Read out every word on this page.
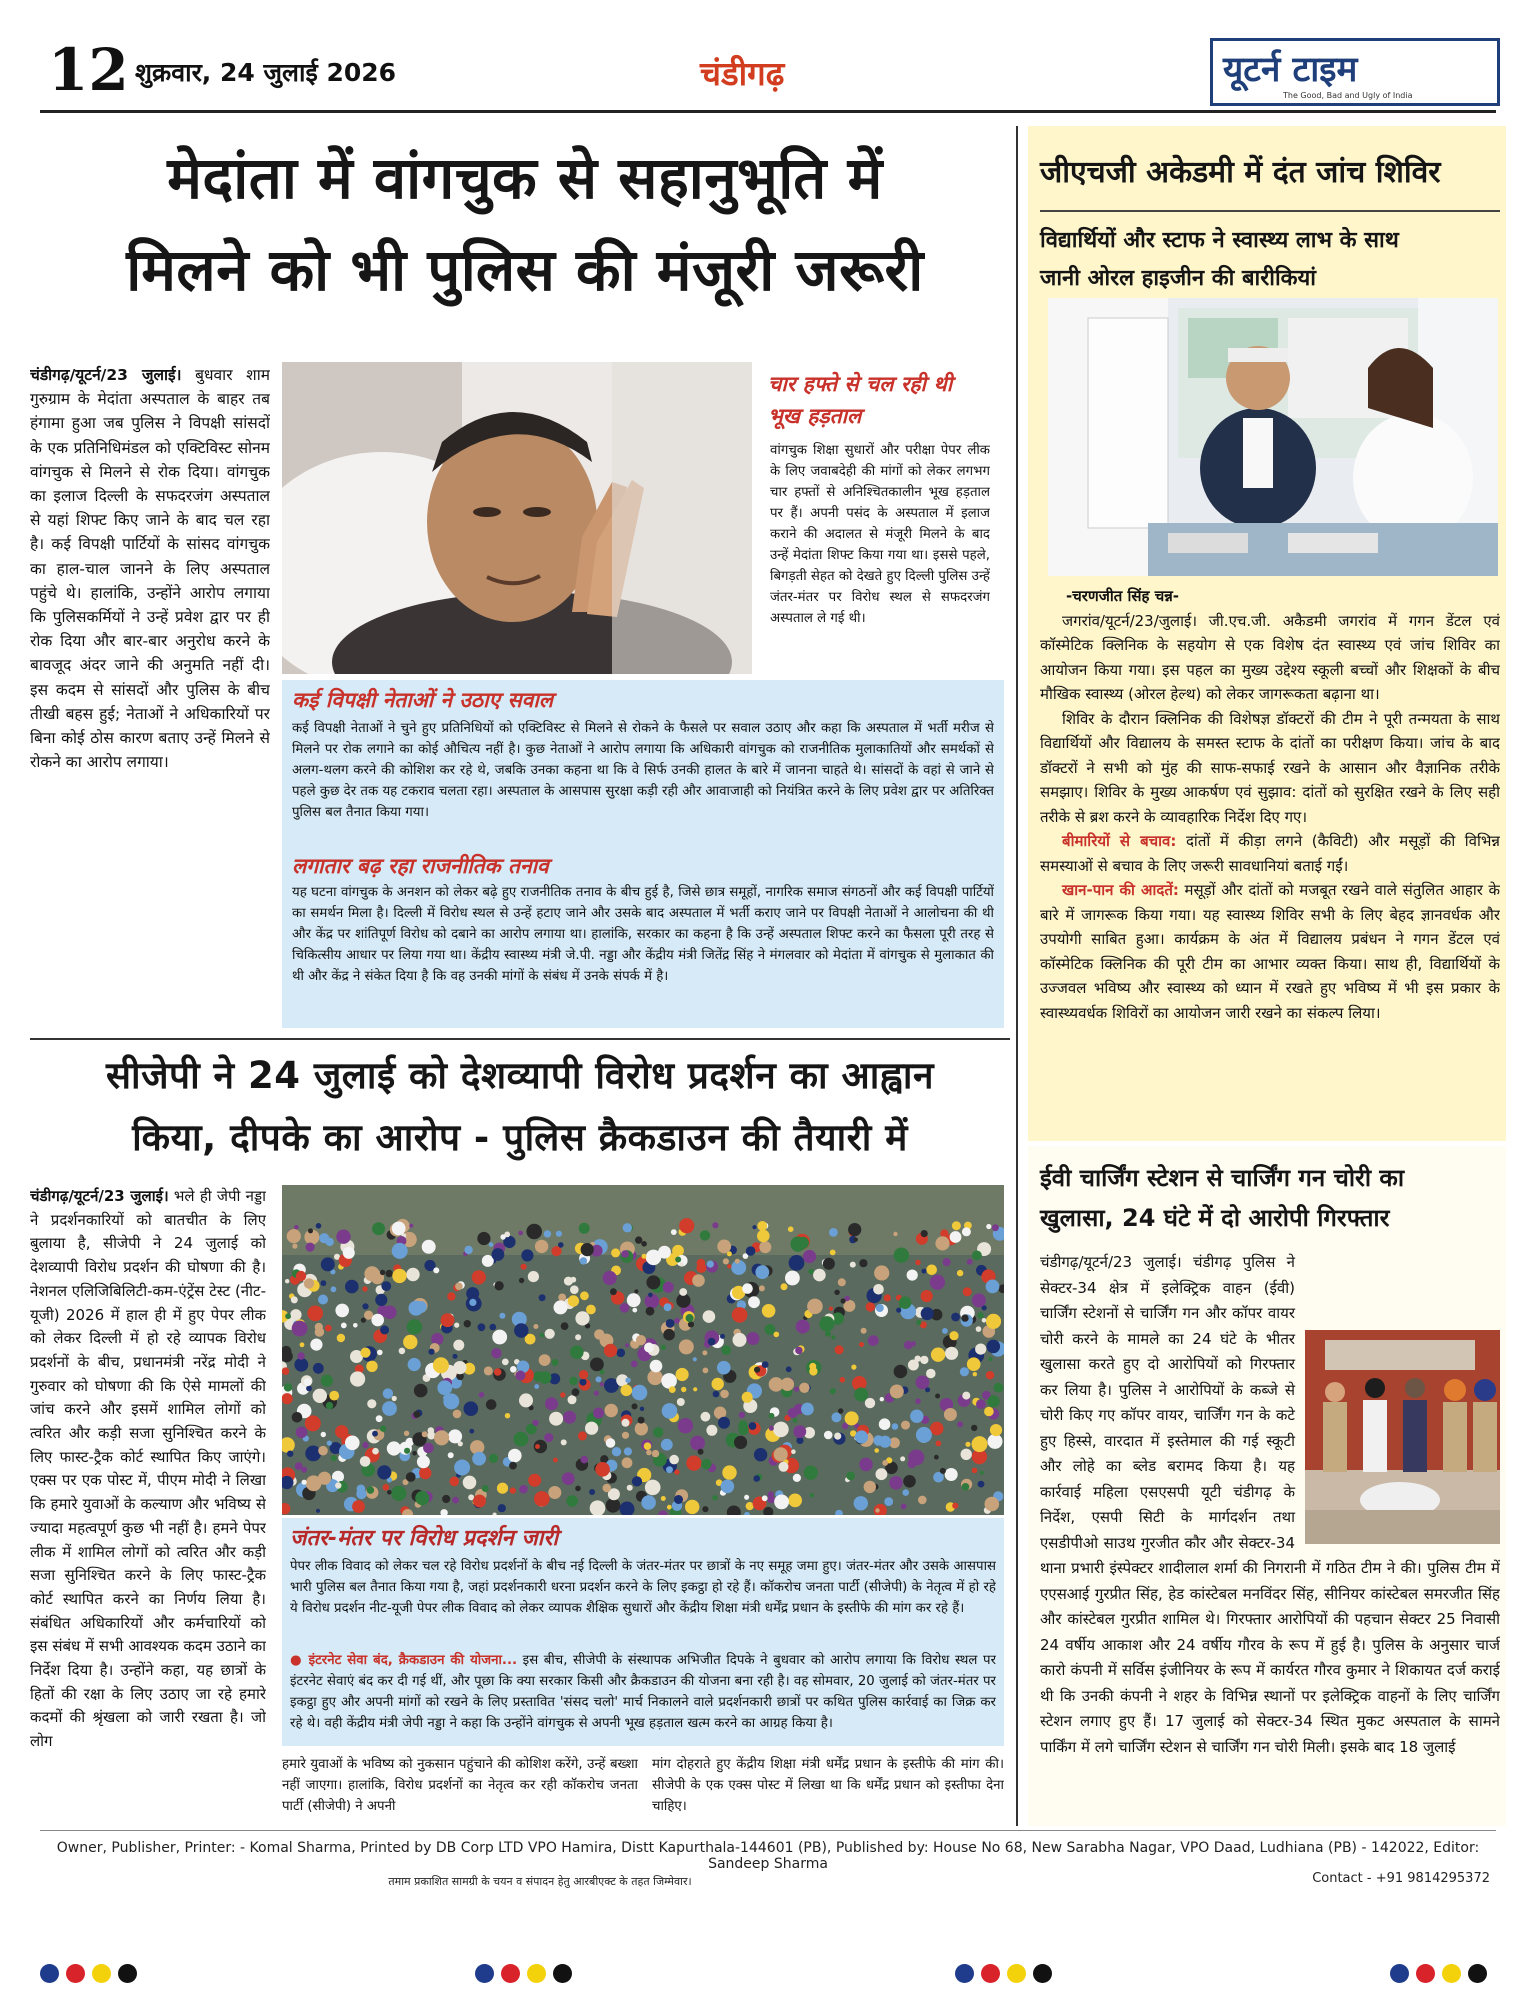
12 शुक्रवार, 24 जुलाई 2026	चंडीगढ़	यूटर्न टाइम
The Good, Bad and Ugly of India
मेदांता में वांगचुक से सहानुभूति में
मिलने को भी पुलिस की मंजूरी जरूरी
चंडीगढ़/यूटर्न/23 जुलाई। बुधवार शाम गुरुग्राम के मेदांता अस्पताल के बाहर तब हंगामा हुआ जब पुलिस ने विपक्षी सांसदों के एक प्रतिनिधिमंडल को एक्टिविस्ट सोनम वांगचुक से मिलने से रोक दिया। वांगचुक का इलाज दिल्ली के सफदरजंग अस्पताल से यहां शिफ्ट किए जाने के बाद चल रहा है। कई विपक्षी पार्टियों के सांसद वांगचुक का हाल-चाल जानने के लिए अस्पताल पहुंचे थे। हालांकि, उन्होंने आरोप लगाया कि पुलिसकर्मियों ने उन्हें प्रवेश द्वार पर ही रोक दिया और बार-बार अनुरोध करने के बावजूद अंदर जाने की अनुमति नहीं दी। इस कदम से सांसदों और पुलिस के बीच तीखी बहस हुई; नेताओं ने अधिकारियों पर बिना कोई ठोस कारण बताए उन्हें मिलने से रोकने का आरोप लगाया।
चार हफ्ते से चल रही थी भूख हड़ताल
वांगचुक शिक्षा सुधारों और परीक्षा पेपर लीक के लिए जवाबदेही की मांगों को लेकर लगभग चार हफ्तों से अनिश्चितकालीन भूख हड़ताल पर हैं। अपनी पसंद के अस्पताल में इलाज कराने की अदालत से मंजूरी मिलने के बाद उन्हें मेदांता शिफ्ट किया गया था। इससे पहले, बिगड़ती सेहत को देखते हुए दिल्ली पुलिस उन्हें जंतर-मंतर पर विरोध स्थल से सफदरजंग अस्पताल ले गई थी।
कई विपक्षी नेताओं ने उठाए सवाल
कई विपक्षी नेताओं ने चुने हुए प्रतिनिधियों को एक्टिविस्ट से मिलने से रोकने के फैसले पर सवाल उठाए और कहा कि अस्पताल में भर्ती मरीज से मिलने पर रोक लगाने का कोई औचित्य नहीं है। कुछ नेताओं ने आरोप लगाया कि अधिकारी वांगचुक को राजनीतिक मुलाकातियों और समर्थकों से अलग-थलग करने की कोशिश कर रहे थे, जबकि उनका कहना था कि वे सिर्फ उनकी हालत के बारे में जानना चाहते थे। सांसदों के वहां से जाने से पहले कुछ देर तक यह टकराव चलता रहा। अस्पताल के आसपास सुरक्षा कड़ी रही और आवाजाही को नियंत्रित करने के लिए प्रवेश द्वार पर अतिरिक्त पुलिस बल तैनात किया गया।
लगातार बढ़ रहा राजनीतिक तनाव
यह घटना वांगचुक के अनशन को लेकर बढ़े हुए राजनीतिक तनाव के बीच हुई है, जिसे छात्र समूहों, नागरिक समाज संगठनों और कई विपक्षी पार्टियों का समर्थन मिला है। दिल्ली में विरोध स्थल से उन्हें हटाए जाने और उसके बाद अस्पताल में भर्ती कराए जाने पर विपक्षी नेताओं ने आलोचना की थी और केंद्र पर शांतिपूर्ण विरोध को दबाने का आरोप लगाया था। हालांकि, सरकार का कहना है कि उन्हें अस्पताल शिफ्ट करने का फैसला पूरी तरह से चिकित्सीय आधार पर लिया गया था। केंद्रीय स्वास्थ्य मंत्री जे.पी. नड्डा और केंद्रीय मंत्री जितेंद्र सिंह ने मंगलवार को मेदांता में वांगचुक से मुलाकात की थी और केंद्र ने संकेत दिया है कि वह उनकी मांगों के संबंध में उनके संपर्क में है।
सीजेपी ने 24 जुलाई को देशव्यापी विरोध प्रदर्शन का आह्वान
किया, दीपके का आरोप - पुलिस क्रैकडाउन की तैयारी में
चंडीगढ़/यूटर्न/23 जुलाई। भले ही जेपी नड्डा ने प्रदर्शनकारियों को बातचीत के लिए बुलाया है, सीजेपी ने 24 जुलाई को देशव्यापी विरोध प्रदर्शन की घोषणा की है। नेशनल एलिजिबिलिटी-कम-एंट्रेंस टेस्ट (नीट-यूजी) 2026 में हाल ही में हुए पेपर लीक को लेकर दिल्ली में हो रहे व्यापक विरोध प्रदर्शनों के बीच, प्रधानमंत्री नरेंद्र मोदी ने गुरुवार को घोषणा की कि ऐसे मामलों की जांच करने और इसमें शामिल लोगों को त्वरित और कड़ी सजा सुनिश्चित करने के लिए फास्ट-ट्रैक कोर्ट स्थापित किए जाएंगे। एक्स पर एक पोस्ट में, पीएम मोदी ने लिखा कि हमारे युवाओं के कल्याण और भविष्य से ज्यादा महत्वपूर्ण कुछ भी नहीं है। हमने पेपर लीक में शामिल लोगों को त्वरित और कड़ी सजा सुनिश्चित करने के लिए फास्ट-ट्रैक कोर्ट स्थापित करने का निर्णय लिया है। संबंधित अधिकारियों और कर्मचारियों को इस संबंध में सभी आवश्यक कदम उठाने का निर्देश दिया है। उन्होंने कहा, यह छात्रों के हितों की रक्षा के लिए उठाए जा रहे हमारे कदमों की श्रृंखला को जारी रखता है। जो लोग
जंतर-मंतर पर विरोध प्रदर्शन जारी
पेपर लीक विवाद को लेकर चल रहे विरोध प्रदर्शनों के बीच नई दिल्ली के जंतर-मंतर पर छात्रों के नए समूह जमा हुए। जंतर-मंतर और उसके आसपास भारी पुलिस बल तैनात किया गया है, जहां प्रदर्शनकारी धरना प्रदर्शन करने के लिए इकट्ठा हो रहे हैं। कॉकरोच जनता पार्टी (सीजेपी) के नेतृत्व में हो रहे ये विरोध प्रदर्शन नीट-यूजी पेपर लीक विवाद को लेकर व्यापक शैक्षिक सुधारों और केंद्रीय शिक्षा मंत्री धर्मेंद्र प्रधान के इस्तीफे की मांग कर रहे हैं।
● इंटरनेट सेवा बंद, क्रैकडाउन की योजना... इस बीच, सीजेपी के संस्थापक अभिजीत दिपके ने बुधवार को आरोप लगाया कि विरोध स्थल पर इंटरनेट सेवाएं बंद कर दी गई थीं, और पूछा कि क्या सरकार किसी और क्रैकडाउन की योजना बना रही है। वह सोमवार, 20 जुलाई को जंतर-मंतर पर इकट्ठा हुए और अपनी मांगों को रखने के लिए प्रस्तावित 'संसद चलो' मार्च निकालने वाले प्रदर्शनकारी छात्रों पर कथित पुलिस कार्रवाई का जिक्र कर रहे थे। वही केंद्रीय मंत्री जेपी नड्डा ने कहा कि उन्होंने वांगचुक से अपनी भूख हड़ताल खत्म करने का आग्रह किया है।
हमारे युवाओं के भविष्य को नुकसान पहुंचाने की कोशिश करेंगे, उन्हें बख्शा नहीं जाएगा। हालांकि, विरोध प्रदर्शनों का नेतृत्व कर रही कॉकरोच जनता पार्टी (सीजेपी) ने अपनी
मांग दोहराते हुए केंद्रीय शिक्षा मंत्री धर्मेंद्र प्रधान के इस्तीफे की मांग की। सीजेपी के एक एक्स पोस्ट में लिखा था कि धर्मेंद्र प्रधान को इस्तीफा देना चाहिए।
जीएचजी अकेडमी में दंत जांच शिविर
विद्यार्थियों और स्टाफ ने स्वास्थ्य लाभ के साथ
जानी ओरल हाइजीन की बारीकियां
-चरणजीत सिंह चन्न-
जगरांव/यूटर्न/23/जुलाई। जी.एच.जी. अकैडमी जगरांव में गगन डेंटल एवं कॉस्मेटिक क्लिनिक के सहयोग से एक विशेष दंत स्वास्थ्य एवं जांच शिविर का आयोजन किया गया। इस पहल का मुख्य उद्देश्य स्कूली बच्चों और शिक्षकों के बीच मौखिक स्वास्थ्य (ओरल हेल्थ) को लेकर जागरूकता बढ़ाना था।
शिविर के दौरान क्लिनिक की विशेषज्ञ डॉक्टरों की टीम ने पूरी तन्मयता के साथ विद्यार्थियों और विद्यालय के समस्त स्टाफ के दांतों का परीक्षण किया। जांच के बाद डॉक्टरों ने सभी को मुंह की साफ-सफाई रखने के आसान और वैज्ञानिक तरीके समझाए। शिविर के मुख्य आकर्षण एवं सुझाव: दांतों को सुरक्षित रखने के लिए सही तरीके से ब्रश करने के व्यावहारिक निर्देश दिए गए।
बीमारियों से बचाव: दांतों में कीड़ा लगने (कैविटी) और मसूड़ों की विभिन्न समस्याओं से बचाव के लिए जरूरी सावधानियां बताई गईं।
खान-पान की आदतें: मसूड़ों और दांतों को मजबूत रखने वाले संतुलित आहार के बारे में जागरूक किया गया। यह स्वास्थ्य शिविर सभी के लिए बेहद ज्ञानवर्धक और उपयोगी साबित हुआ। कार्यक्रम के अंत में विद्यालय प्रबंधन ने गगन डेंटल एवं कॉस्मेटिक क्लिनिक की पूरी टीम का आभार व्यक्त किया। साथ ही, विद्यार्थियों के उज्जवल भविष्य और स्वास्थ्य को ध्यान में रखते हुए भविष्य में भी इस प्रकार के स्वास्थ्यवर्धक शिविरों का आयोजन जारी रखने का संकल्प लिया।
ईवी चार्जिंग स्टेशन से चार्जिंग गन चोरी का
खुलासा, 24 घंटे में दो आरोपी गिरफ्तार
चंडीगढ़/यूटर्न/23 जुलाई। चंडीगढ़ पुलिस ने सेक्टर-34 क्षेत्र में इलेक्ट्रिक वाहन (ईवी) चार्जिंग स्टेशनों से चार्जिंग गन और कॉपर वायर चोरी करने के मामले का 24 घंटे के भीतर खुलासा करते हुए दो आरोपियों को गिरफ्तार कर लिया है। पुलिस ने आरोपियों के कब्जे से चोरी किए गए कॉपर वायर, चार्जिंग गन के कटे हुए हिस्से, वारदात में इस्तेमाल की गई स्कूटी और लोहे का ब्लेड बरामद किया है। यह कार्रवाई महिला एसएसपी यूटी चंडीगढ़ के निर्देश, एसपी सिटी के मार्गदर्शन तथा एसडीपीओ साउथ गुरजीत कौर और सेक्टर-34 थाना प्रभारी इंस्पेक्टर शादीलाल शर्मा की निगरानी में गठित टीम ने की। पुलिस टीम में एएसआई गुरप्रीत सिंह, हेड कांस्टेबल मनविंदर सिंह, सीनियर कांस्टेबल समरजीत सिंह और कांस्टेबल गुरप्रीत शामिल थे। गिरफ्तार आरोपियों की पहचान सेक्टर 25 निवासी 24 वर्षीय आकाश और 24 वर्षीय गौरव के रूप में हुई है। पुलिस के अनुसार चार्ज कारो कंपनी में सर्विस इंजीनियर के रूप में कार्यरत गौरव कुमार ने शिकायत दर्ज कराई थी कि उनकी कंपनी ने शहर के विभिन्न स्थानों पर इलेक्ट्रिक वाहनों के लिए चार्जिंग स्टेशन लगाए हुए हैं। 17 जुलाई को सेक्टर-34 स्थित मुकट अस्पताल के सामने पार्किंग में लगे चार्जिंग स्टेशन से चार्जिंग गन चोरी मिली। इसके बाद 18 जुलाई
Owner, Publisher, Printer: - Komal Sharma, Printed by DB Corp LTD VPO Hamira, Distt Kapurthala-144601 (PB), Published by: House No 68, New Sarabha Nagar, VPO Daad, Ludhiana (PB) - 142022, Editor: Sandeep Sharma
तमाम प्रकाशित सामग्री के चयन व संपादन हेतु आरबीएक्ट के तहत जिम्मेवार।	Contact - +91 9814295372
